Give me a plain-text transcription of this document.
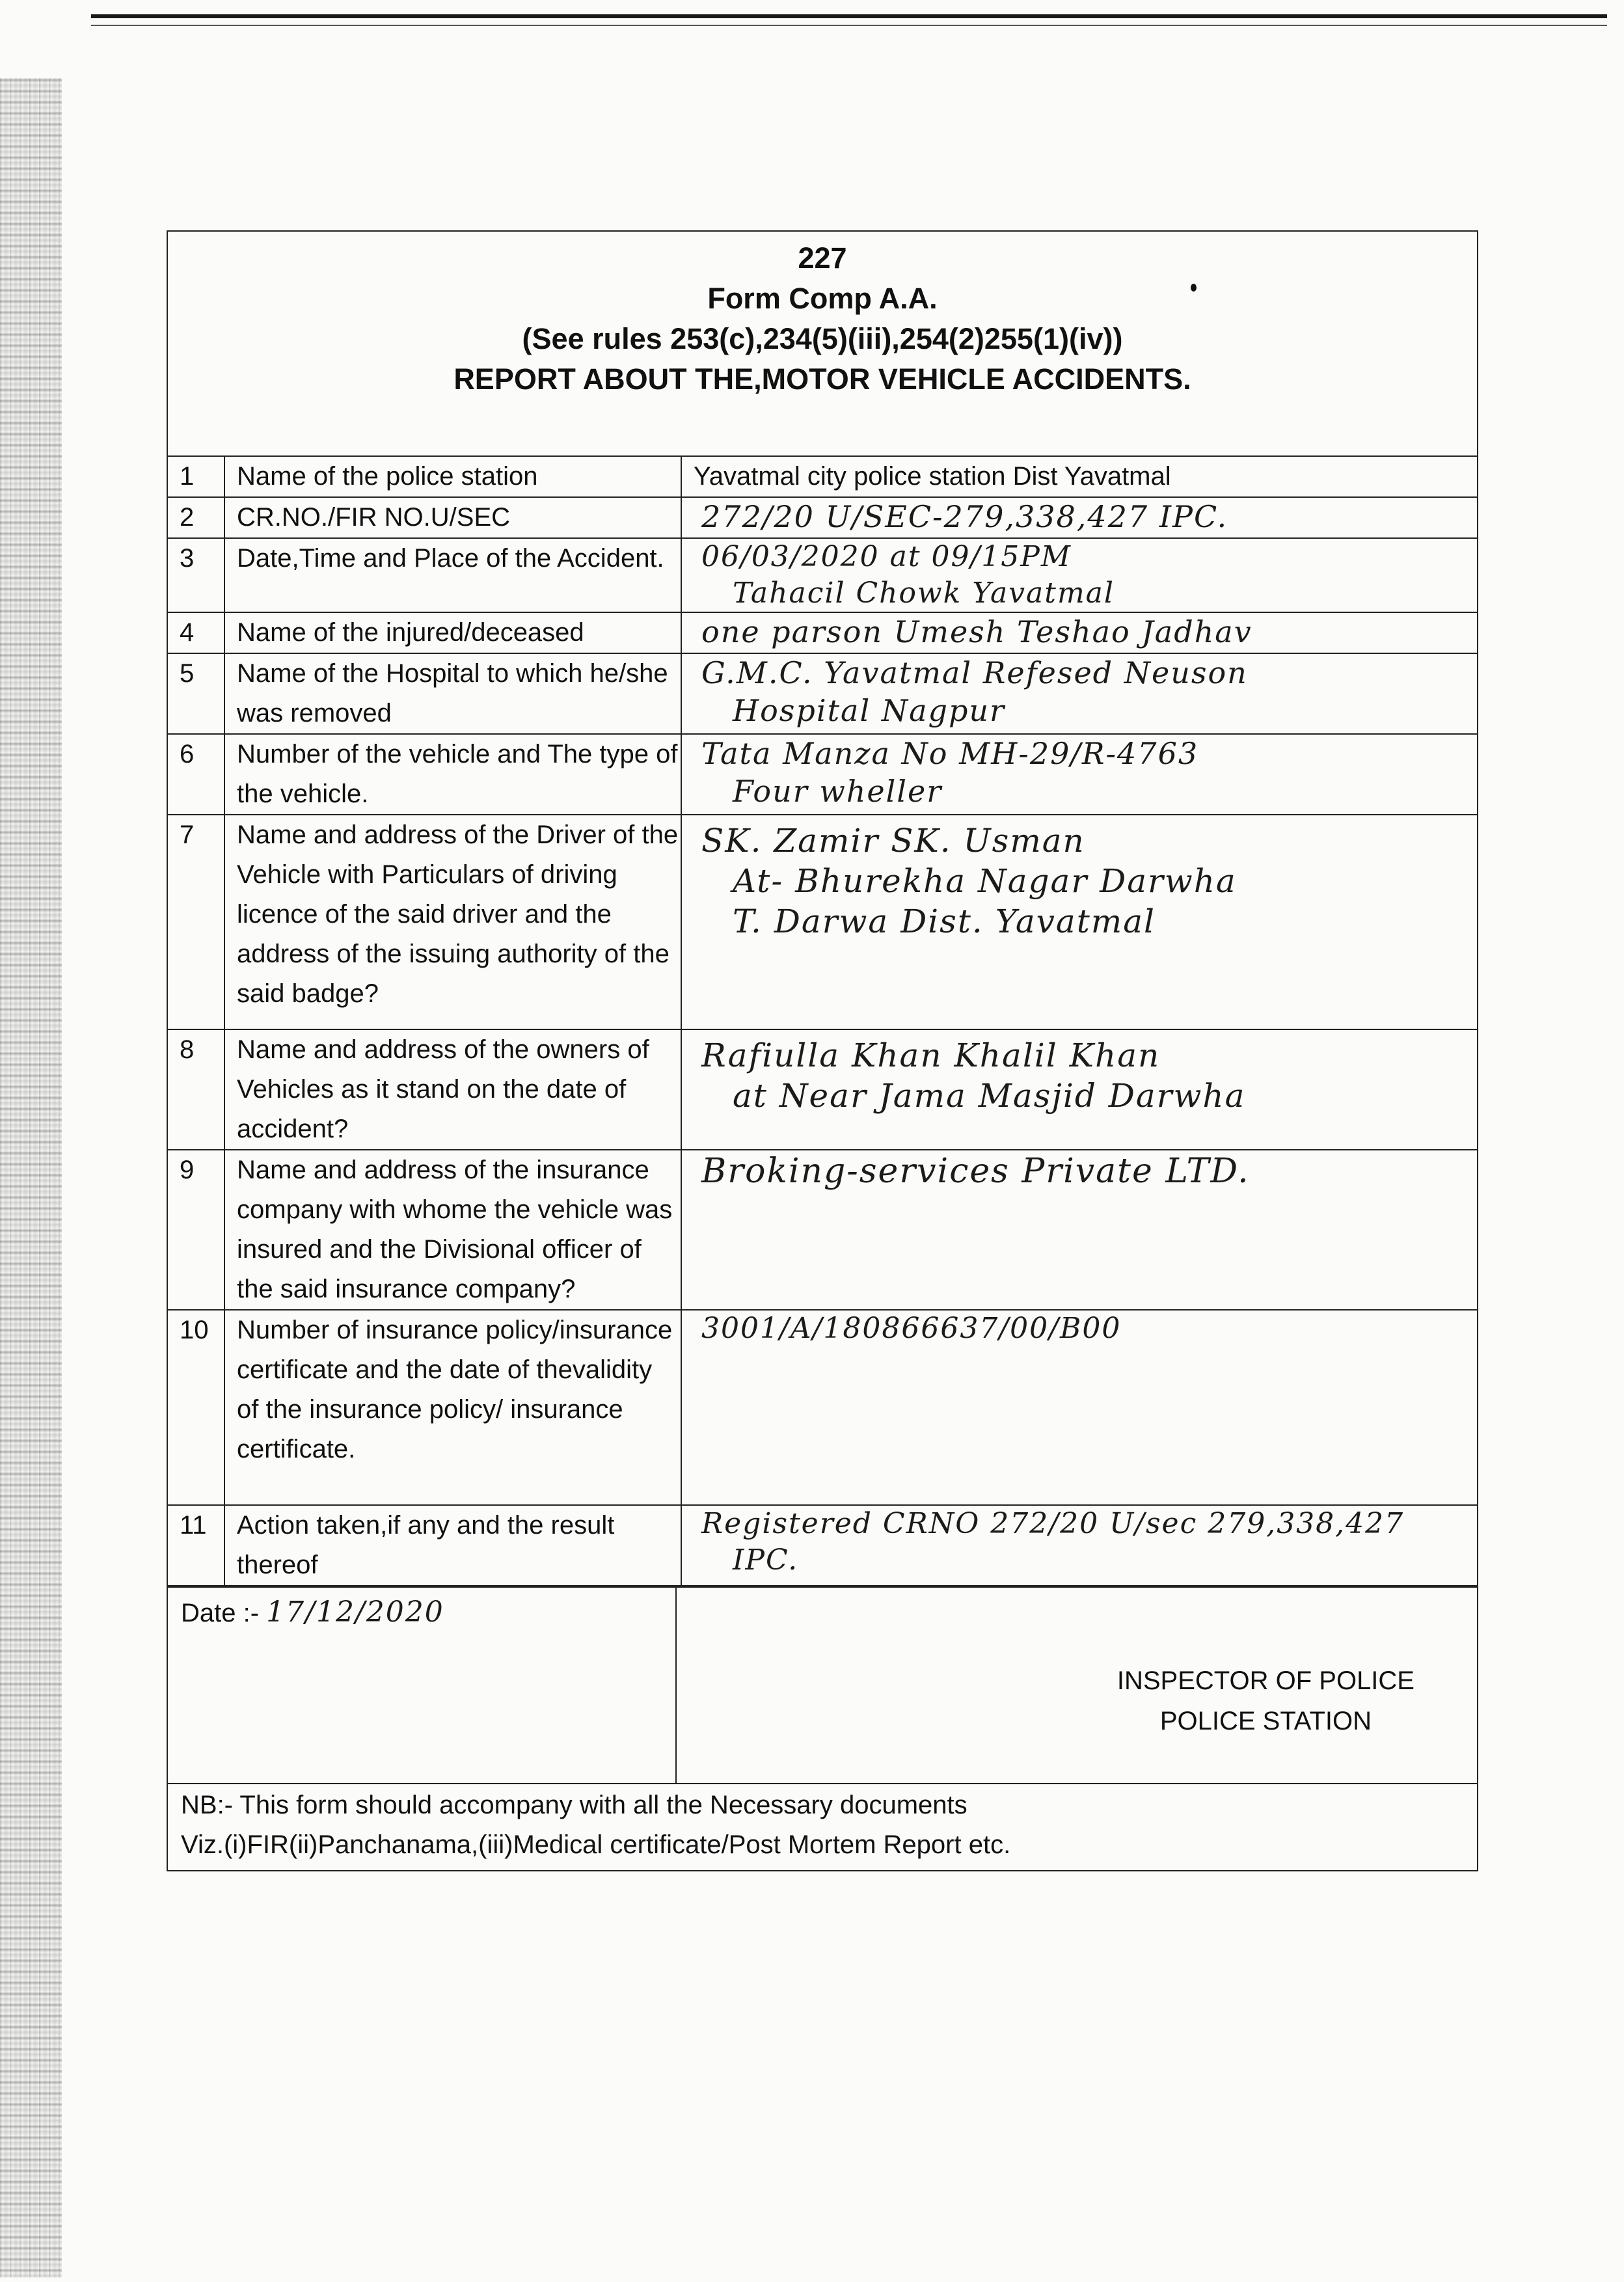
227
Form Comp A.A.
(See rules 253(c),234(5)(iii),254(2)255(1)(iv))
REPORT ABOUT THE,MOTOR VEHICLE ACCIDENTS.
1	Name of the police station	Yavatmal city police station Dist Yavatmal
2	CR.NO./FIR NO.U/SEC	272/20 U/SEC-279,338,427 IPC.

3	Date,Time and Place of the Accident.	06/03/2020 at 09/15PM
Tahacil Chowk Yavatmal

4	Name of the injured/deceased	one parson Umesh Teshao Jadhav

5	Name of the Hospital to which he/she was removed	G.M.C. Yavatmal Refesed Neuson
Hospital Nagpur

6	Number of the vehicle and The type of the vehicle.	Tata Manza No MH-29/R-4763
Four wheller

7	Name and address of the Driver of the Vehicle with Particulars of driving licence of the said driver and the address of the issuing authority of the said badge?	SK. Zamir SK. Usman
At- Bhurekha Nagar Darwha
T. Darwa Dist. Yavatmal

8	Name and address of the owners of Vehicles as it stand on the date of accident?	Rafiulla Khan Khalil Khan
at Near Jama Masjid Darwha

9	Name and address of the insurance company with whome the vehicle was insured and the Divisional officer of the said insurance company?	Broking-services Private LTD.

10	Number of insurance policy/insurance certificate and the date of thevalidity of the insurance policy/ insurance certificate.	3001/A/180866637/00/B00

11	Action taken,if any and the result thereof	Registered CRNO 272/20 U/sec 279,338,427
IPC.
Date :- 17/12/2020
INSPECTOR OF POLICE
POLICE STATION
NB:- This form should accompany with all the Necessary documents
Viz.(i)FIR(ii)Panchanama,(iii)Medical certificate/Post Mortem Report etc.
